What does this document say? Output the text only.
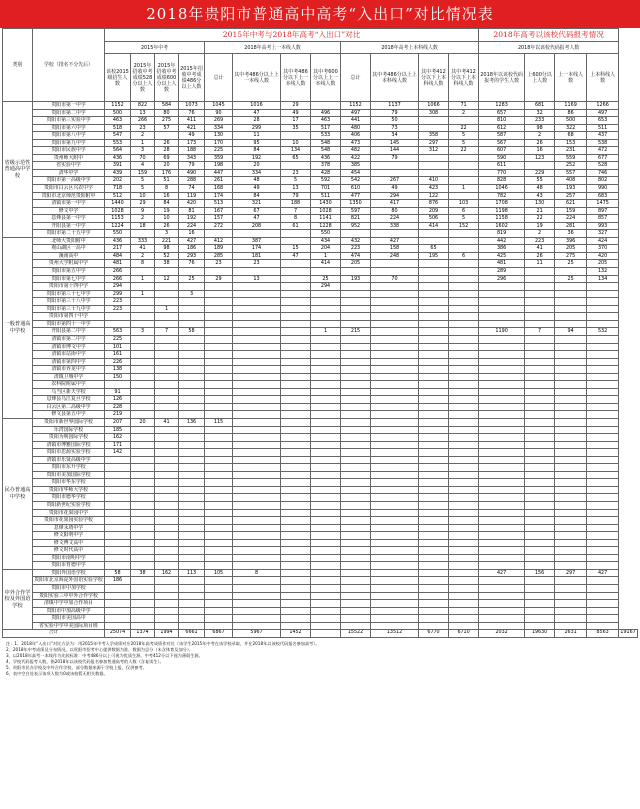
2018年贵阳市普通高中高考“入出口”对比情况表
类别	学校（排名不分先后）	2015年中考与2018年高考“入出口”对比												2018年高考以该校代码报考情况				
		2015年中考				2018年高考上一本线人数				2018年高考上本科线人数				2018年以该校代码报考人数				
		该校2015级招生人数	2015年招收中考成绩528分以上人数	2015年招收中考成绩600分以上人数	2015年招收中考成绩486分以上人数	总计	其中考486分以上上一本线人数	其中考486分以下上一本线人数	其中考600分以上上一本线人数	总计	其中考486分以上上本科线人数	其中考412分以下上本科线人数	其中考412分以下上本科线人数	2018年以该校代码报考的学生人数	上600分以上人数	上一本线人数	上本科线人数	
省级示范性普通高中学校	贵阳市第一中学	1152	822	584	1073	1045	1016	29		1152	1137	1066	71	1283	681	1169	1266	
	贵阳市第二中学	500	13	80	76	90	47	49	496	497	79	308	2	657	32	86	497	
	贵阳市第三实验中学	463	266	275	411	269	28	17	463	441	50			810	233	500	653	
	贵阳市第六中学	518	23	57	421	334	299	35	517	480	73		22	612	98	322	511	
	贵阳市第八中学	547	2		49	130	11		533	406	34	358	5	587	2	68	437	
	贵阳市第九中学	553	1	26	173	170	95	10	548	473	145	297	5	567	26	153	538	
	贵阳市民族中学	564	3	28	188	225	84	134	548	482	144	312	22	607	16	231	472	
	贵州师大附中	436	70	69	343	359	192	65	436	422	79			590	123	559	677	
	省实验中学	391	4	20	79	198	20		378	385				611		252	528	
	清华中学	439	159	176	490	447	334	23	428	454				770	229	557	746	
	贵阳市第一高级中学	202	5	51	288	261	48	5	592	542	267	410		828	55	408	802	
	贵阳市白云区兴农中学	718	5	8	74	168	49	13	701	610	49	423	1	1046	48	193	990	
	贵阳市北京师范贵阳附中	512	10	16	119	174	84	79	511	477	294	122		782	43	257	683	
	清镇市第一中学	1440	29	84	420	513	321	188	1430	1350	417	876	103	1708	130	621	1475	
	修文中学	1028	9	19	81	167	67	7	1028	597	80	209	6	1198	21	159	897	
	息烽县第一中学	1153	2	10	192	157	47	8	1141	821	224	506	5	1158	22	224	857	
	开阳县第一中学	1224	18	26	224	272	208	61	1228	952	338	414	152	1602	19	281	993	
	贵阳市第二十五中学	550		3	16				550					819	2	36	327	
一般普通高中学校	北师大贵阳附中	436	333	221	427	412	387		434	432	427			442	223	396	424	
	观山湖区一高中	217	41	98	186	189	174	15	204	223	158	65		386	41	205	370	
	溪南高中	484	2	52	293	285	181	47	1	474	248	195	6	425	26	275	420	
	贵州大学附属中学	481	8	38	76	23	23		414	205				481	11	25	205	
	贵阳市第五中学	266												289			132	
	贵阳市第七中学	266	1	12	25	29	13		25	193	70			296		25	134	
	贵阳市第十四中学	294							294									
	贵阳市第三十七中学	299	1		3													
	贵阳市第三十八中学	223																
	贵阳市第三十九中学	223		1														
	贵阳市第四十中学																	
	贵阳市第四十一中学																	
	开阳县第二中学	563	3	7	58				1	215				1190	7	94	532	
	清镇市第二中学	225																
	清镇市博文中学	101																
	清镇市站街中学	161																
	清镇市第四中学	226																
	清镇市养龙中学	138																
	清镇卫城中学	150																
	农科院附属中学																	
	乌当区新天学校	91																
	息烽县乌江复旦学校	126																
	白云区第二高级中学	228																
	修文县第五中学	219																
民办普通高中学校	贵阳市新世界国际学校	207	20	41	136	115												
	乐湾国际学校	185																
	贵阳为明国际学校	162																
	清镇市博雅国际学校	171																
	贵阳市思源实验学校	142																
	清镇市乐贤高级中学																	
	贵阳市东升学校																	
	贵阳市美加国际学校																	
	贵阳市华东学校																	
	贵阳市华师大学校																	
	贵阳市德华学校																	
	贵阳新世纪实验学校																	
	贵阳市花果园中学																	
	贵阳市花果园实验学校																	
	息烽永靖中学																	
	修文阳明中学																	
	修文博文高中																	
	修文时代高中																	
	贵阳市南明中学																	
	贵阳市育德中学																	
中外合作学校及外国语学校	贵阳外国语学校	58	38	162	113	105	8							427	156	297	427	
	贵阳市北京海淀外国语实验学校	186																
	贵阳市中加学校																	
	贵阳实验三中中外合作学校																	
	清镇中学中加合作项目																	
	贵阳市中加高级中学																	
	贵阳市美国高中																	
	省实验中学中美国际项目班																	
合计		25074	1374	1994	6661	6867	5967	1452		15522	13512	6770	6710	2032	19630	2631	8563	19167
注：1、2018年“入出口”对比方法为：用2015年中考入学成绩对应2018年高考成绩作对比（该学生2015年中考在该学校录取，并在2018年以该校代码报名参加高考）。
2、2018年中考成绩及分布情况，以贵阳市招考中心提供数据为准，数据为总分（未含体育及加分）。
3、以2018年高考一本线作为比较标准：中考486分以上可视为优质生源，中考412分以下视为薄弱生源。
4、学校代码报考人数，指2018年以该校代码报名参加普通高考的人数（含复读生）。
5、贵阳市民办学校及中外合作学校，部分数据来源于学校上报，仅供参考。
6、表中空白处表示该项人数为0或该校暂无相关数据。
